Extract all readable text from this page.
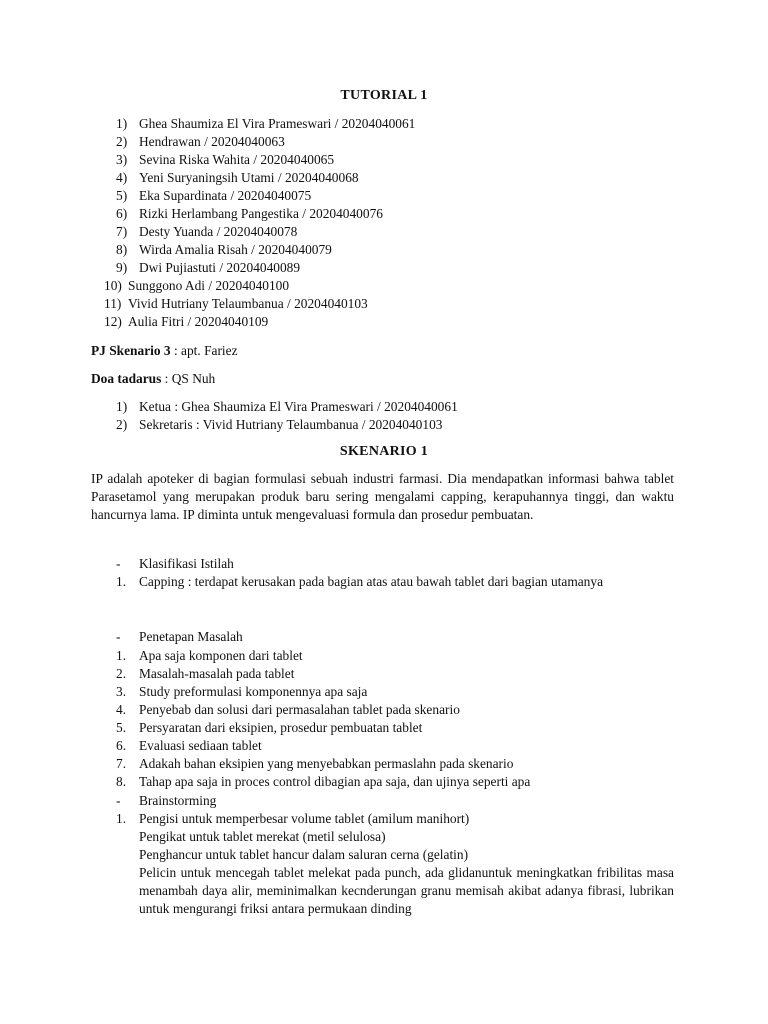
TUTORIAL 1
1) Ghea Shaumiza El Vira Prameswari / 20204040061
2) Hendrawan / 20204040063
3) Sevina Riska Wahita / 20204040065
4) Yeni Suryaningsih Utami / 20204040068
5) Eka Supardinata / 20204040075
6) Rizki Herlambang Pangestika / 20204040076
7) Desty Yuanda / 20204040078
8) Wirda Amalia Risah / 20204040079
9) Dwi Pujiastuti / 20204040089
10) Sunggono Adi / 20204040100
11) Vivid Hutriany Telaumbanua / 20204040103
12) Aulia Fitri / 20204040109
PJ Skenario 3 : apt. Fariez
Doa tadarus : QS Nuh
1) Ketua : Ghea Shaumiza El Vira Prameswari / 20204040061
2) Sekretaris : Vivid Hutriany Telaumbanua / 20204040103
SKENARIO 1
IP adalah apoteker di bagian formulasi sebuah industri farmasi. Dia mendapatkan informasi bahwa tablet Parasetamol yang merupakan produk baru sering mengalami capping, kerapuhannya tinggi, dan waktu hancurnya lama. IP diminta untuk mengevaluasi formula dan prosedur pembuatan.
- Klasifikasi Istilah
1. Capping : terdapat kerusakan pada bagian atas atau bawah tablet dari bagian utamanya
- Penetapan Masalah
1. Apa saja komponen dari tablet
2. Masalah-masalah pada tablet
3. Study preformulasi komponennya apa saja
4. Penyebab dan solusi dari permasalahan tablet pada skenario
5. Persyaratan dari eksipien, prosedur pembuatan tablet
6. Evaluasi sediaan tablet
7. Adakah bahan eksipien yang menyebabkan permaslahn pada skenario
8. Tahap apa saja in proces control dibagian apa saja, dan ujinya seperti apa
- Brainstorming
1. Pengisi untuk memperbesar volume tablet (amilum manihort)
Pengikat untuk tablet merekat (metil selulosa)
Penghancur untuk tablet hancur dalam saluran cerna (gelatin)
Pelicin untuk mencegah tablet melekat pada punch, ada glidanuntuk meningkatkan fribilitas masa menambah daya alir, meminimalkan kecnderungan granu memisah akibat adanya fibrasi, lubrikan untuk mengurangi friksi antara permukaan dinding
